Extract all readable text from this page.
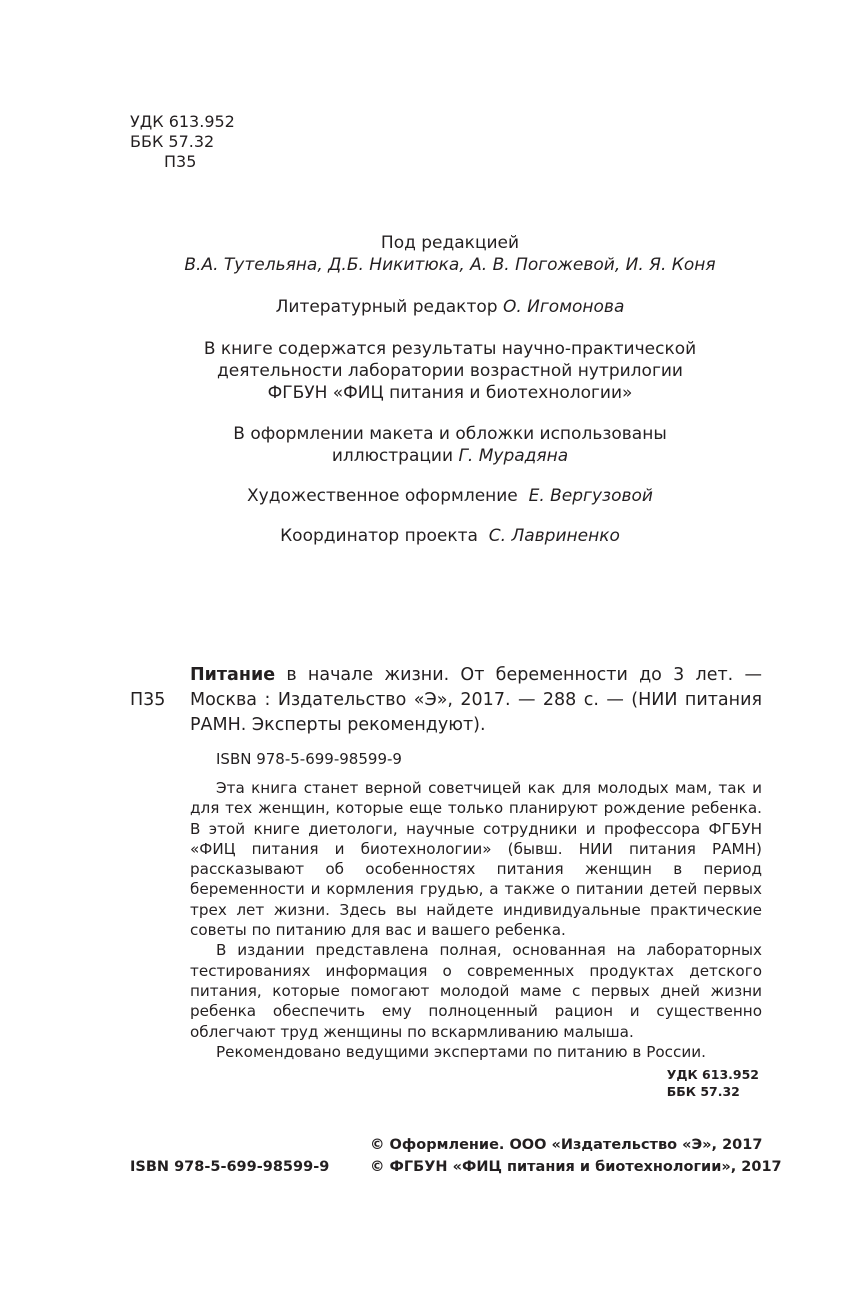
УДК 613.952
ББК 57.32
П35
Под редакцией
В.А. Тутельяна, Д.Б. Никитюка, А. В. Погожевой, И. Я. Коня
Литературный редактор О. Игомонова
В книге содержатся результаты научно-практической
деятельности лаборатории возрастной нутрилогии
ФГБУН «ФИЦ питания и биотехнологии»
В оформлении макета и обложки использованы
иллюстрации Г. Мурадяна
Художественное оформление Е. Вергузовой
Координатор проекта С. Лавриненко
П35
Питание в начале жизни. От беременности до 3 лет. — Москва : Издательство «Э», 2017. — 288 с. — (НИИ питания РАМН. Эксперты рекомендуют).
ISBN 978-5-699-98599-9

Эта книга станет верной советчицей как для молодых мам, так и для тех женщин, которые еще только планируют рождение ребенка. В этой книге диетологи, научные сотрудники и профессора ФГБУН «ФИЦ питания и биотехнологии» (бывш. НИИ питания РАМН) рассказывают об особенностях питания женщин в период беременности и кормления грудью, а также о питании детей первых трех лет жизни. Здесь вы найдете индивидуальные практические советы по питанию для вас и вашего ребенка.

В издании представлена полная, основанная на лабораторных тестированиях информация о современных продуктах детского питания, которые помогают молодой маме с первых дней жизни ребенка обеспечить ему полноценный рацион и существенно облегчают труд женщины по вскармливанию малыша.

Рекомендовано ведущими экспертами по питанию в России.

УДК 613.952
ББК 57.32
© Оформление. ООО «Издательство «Э», 2017
© ФГБУН «ФИЦ питания и биотехнологии», 2017
ISBN 978-5-699-98599-9
